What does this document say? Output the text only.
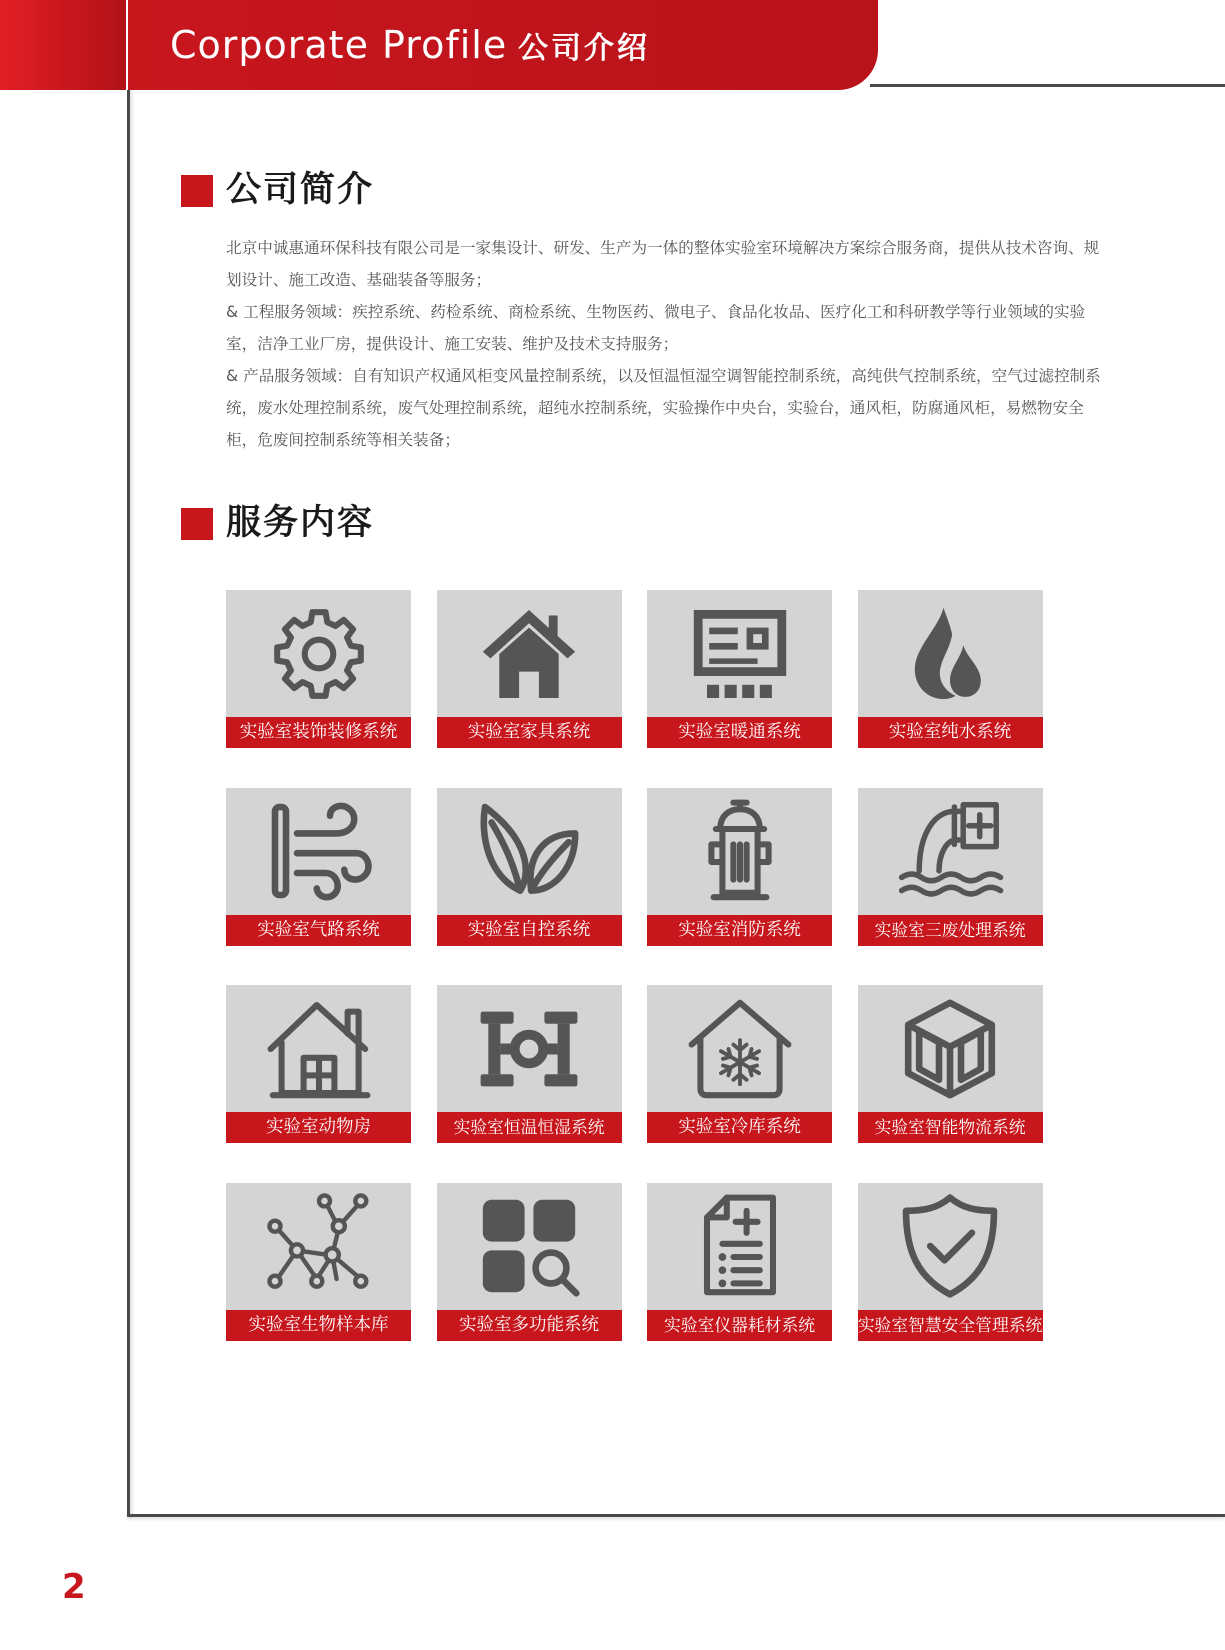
Corporate Profile 公司介绍
公司简介

北京中诚惠通环保科技有限公司是一家集设计、研发、生产为一体的整体实验室环境解决方案综合服务商，提供从技术咨询、规划设计、施工改造、基础装备等服务；

& 工程服务领域：疾控系统、药检系统、商检系统、生物医药、微电子、食品化妆品、医疗化工和科研教学等行业领域的实验室，洁净工业厂房，提供设计、施工安装、维护及技术支持服务；

& 产品服务领域：自有知识产权通风柜变风量控制系统，以及恒温恒湿空调智能控制系统，高纯供气控制系统，空气过滤控制系统，废水处理控制系统，废气处理控制系统，超纯水控制系统，实验操作中央台，实验台，通风柜，防腐通风柜，易燃物安全柜，危废间控制系统等相关装备；

服务内容
实验室装饰装修系统	实验室家具系统	实验室暖通系统	实验室纯水系统
实验室气路系统	实验室自控系统	实验室消防系统	实验室三废处理系统
实验室动物房	实验室恒温恒湿系统	实验室冷库系统	实验室智能物流系统
实验室生物样本库	实验室多功能系统	实验室仪器耗材系统	实验室智慧安全管理系统
2
